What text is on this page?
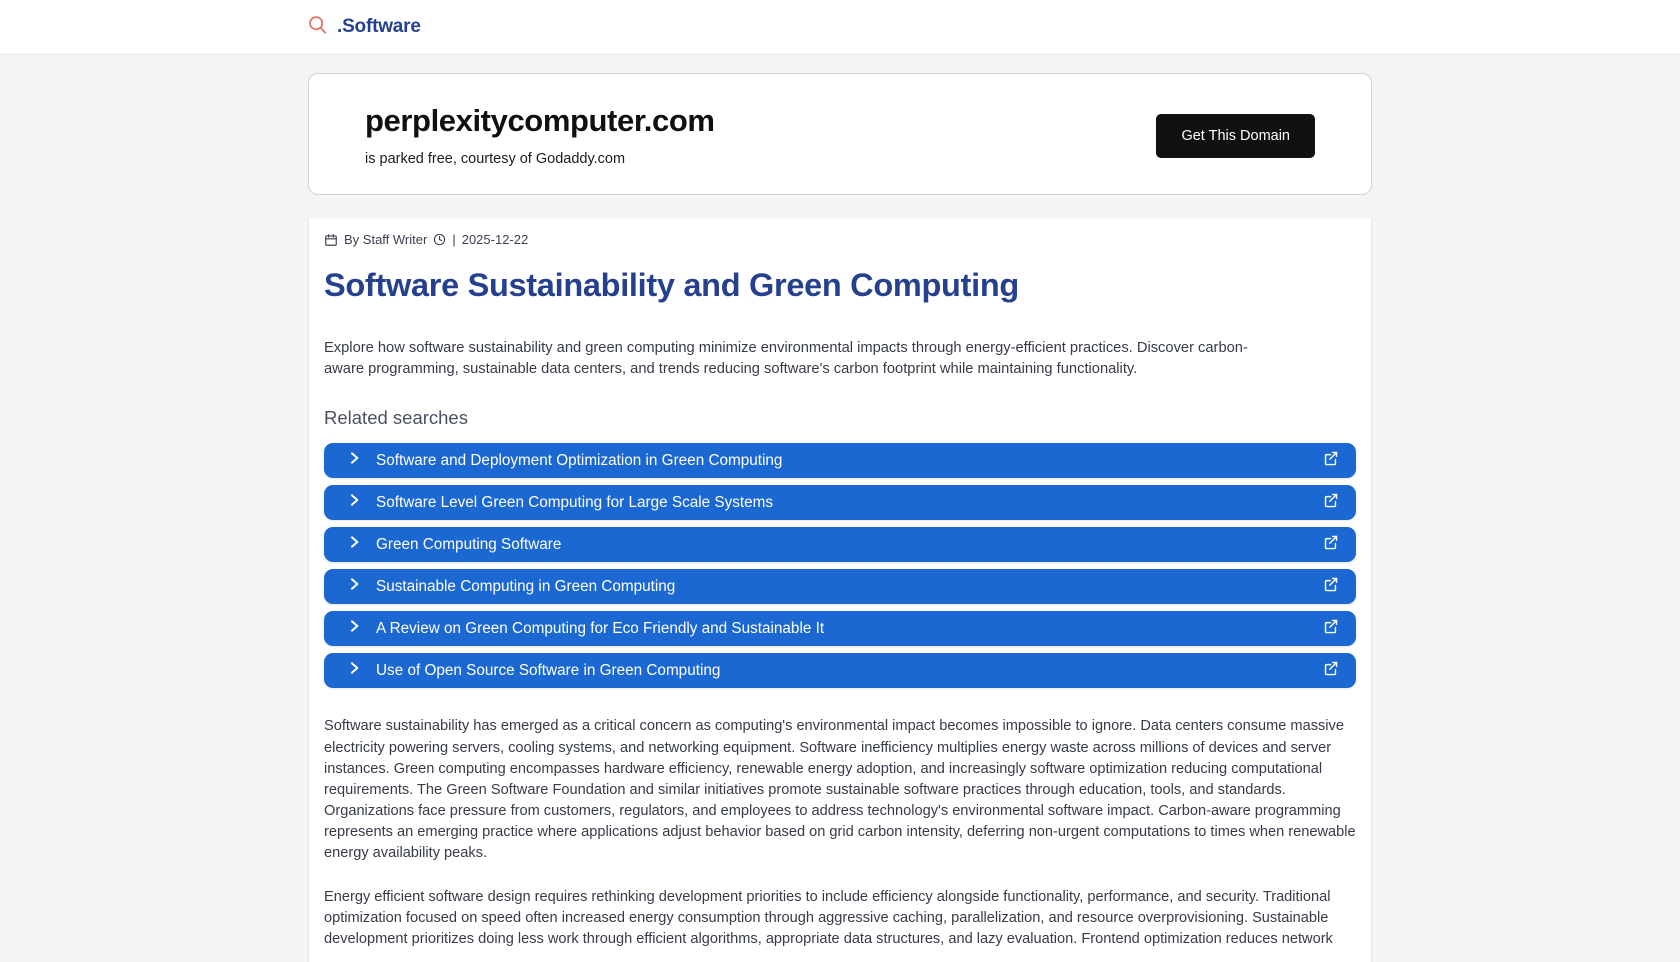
.Software
perplexitycomputer.com
is parked free, courtesy of Godaddy.com
Get This Domain
By Staff Writer | 2025-12-22
Software Sustainability and Green Computing

Explore how software sustainability and green computing minimize environmental impacts through energy-efficient practices. Discover carbon-aware programming, sustainable data centers, and trends reducing software's carbon footprint while maintaining functionality.

Related searches
Software and Deployment Optimization in Green Computing
Software Level Green Computing for Large Scale Systems
Green Computing Software
Sustainable Computing in Green Computing
A Review on Green Computing for Eco Friendly and Sustainable It
Use of Open Source Software in Green Computing

Software sustainability has emerged as a critical concern as computing's environmental impact becomes impossible to ignore. Data centers consume massive electricity powering servers, cooling systems, and networking equipment. Software inefficiency multiplies energy waste across millions of devices and server instances. Green computing encompasses hardware efficiency, renewable energy adoption, and increasingly software optimization reducing computational requirements. The Green Software Foundation and similar initiatives promote sustainable software practices through education, tools, and standards. Organizations face pressure from customers, regulators, and employees to address technology's environmental software impact. Carbon-aware programming represents an emerging practice where applications adjust behavior based on grid carbon intensity, deferring non-urgent computations to times when renewable energy availability peaks.

Energy efficient software design requires rethinking development priorities to include efficiency alongside functionality, performance, and security. Traditional optimization focused on speed often increased energy consumption through aggressive caching, parallelization, and resource overprovisioning. Sustainable development prioritizes doing less work through efficient algorithms, appropriate data structures, and lazy evaluation. Frontend optimization reduces network
